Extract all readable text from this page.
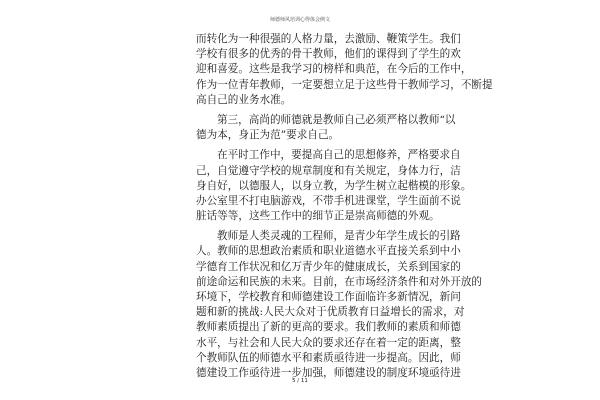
师德师风培训心得体会例文
而转化为一种很强的人格力量，去激励、鞭策学生。我们
学校有很多的优秀的骨干教师，他们的课得到了学生的欢
迎和喜爱。这些是我学习的榜样和典范，在今后的工作中，
作为一位青年教师，一定要想立足于这些骨干教师学习，不断提
高自己的业务水准。
第三，高尚的师德就是教师自己必须严格以教师“以
德为本，身正为范”要求自己。
在平时工作中，要提高自己的思想修养，严格要求自
己，自觉遵守学校的规章制度和有关规定，身体力行，洁
身自好，以德服人，以身立教，为学生树立起楷模的形象。
办公室里不打电脑游戏，不带手机进课堂，学生面前不说
脏话等等，这些工作中的细节正是崇高师德的外观。
教师是人类灵魂的工程师，是青少年学生成长的引路
人。教师的思想政治素质和职业道德水平直接关系到中小
学德育工作状况和亿万青少年的健康成长，关系到国家的
前途命运和民族的未来。目前，在市场经济条件和对外开放的
环境下，学校教育和师德建设工作面临许多新情况，新问
题和新的挑战:人民大众对于优质教育日益增长的需求，对
教师素质提出了新的更高的要求。我们教师的素质和师德
水平，与社会和人民大众的要求还存在着一定的距离，整
个教师队伍的师德水平和素质亟待进一步提高。因此，师
德建设工作亟待进一步加强，师德建设的制度环境亟待进
5 / 11
